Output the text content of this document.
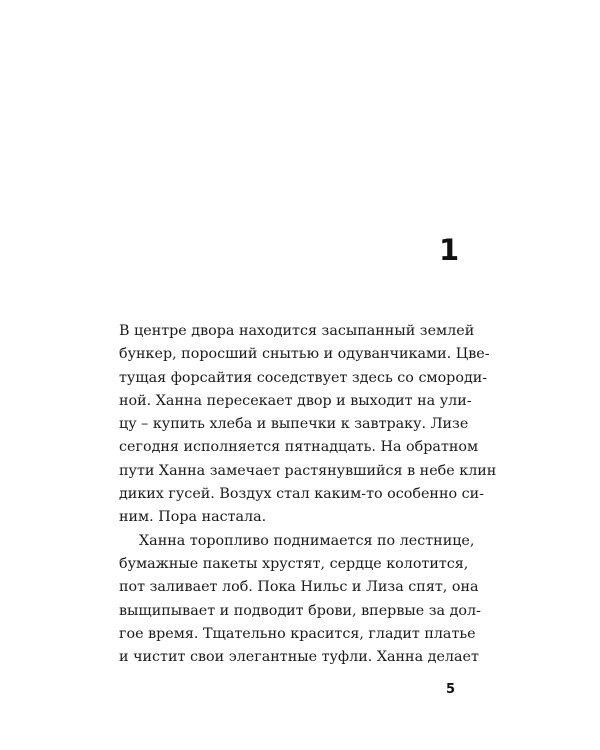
1
В центре двора находится засыпанный землей
бункер, поросший снытью и одуванчиками. Цве-
тущая форсайтия соседствует здесь со смороди-
ной. Ханна пересекает двор и выходит на ули-
цу – купить хлеба и выпечки к завтраку. Лизе
сегодня исполняется пятнадцать. На обратном
пути Ханна замечает растянувшийся в небе клин
диких гусей. Воздух стал каким-то особенно си-
ним. Пора настала.
Ханна торопливо поднимается по лестнице,
бумажные пакеты хрустят, сердце колотится,
пот заливает лоб. Пока Нильс и Лиза спят, она
выщипывает и подводит брови, впервые за дол-
гое время. Тщательно красится, гладит платье
и чистит свои элегантные туфли. Ханна делает
5
